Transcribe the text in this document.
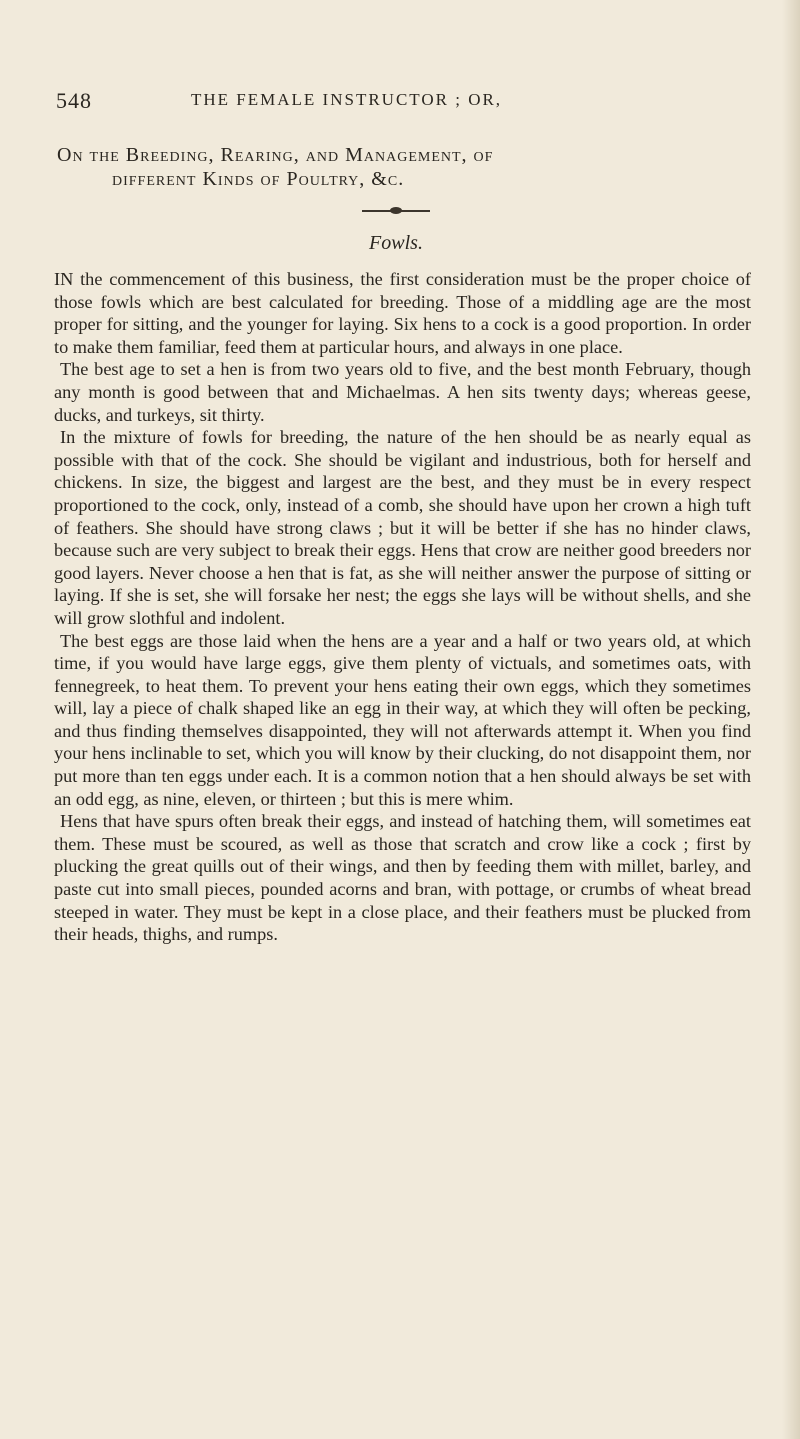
548	THE FEMALE INSTRUCTOR ; OR,
On the Breeding, Rearing, and Management, of
different Kinds of Poultry, &c.
Fowls.

IN the commencement of this business, the first consideration must be the proper choice of those fowls which are best calculated for breeding. Those of a middling age are the most proper for sitting, and the younger for laying. Six hens to a cock is a good proportion. In order to make them familiar, feed them at particular hours, and always in one place.

The best age to set a hen is from two years old to five, and the best month February, though any month is good between that and Michaelmas. A hen sits twenty days; whereas geese, ducks, and turkeys, sit thirty.

In the mixture of fowls for breeding, the nature of the hen should be as nearly equal as possible with that of the cock. She should be vigilant and industrious, both for herself and chickens. In size, the biggest and largest are the best, and they must be in every respect proportioned to the cock, only, instead of a comb, she should have upon her crown a high tuft of feathers. She should have strong claws ; but it will be better if she has no hinder claws, because such are very subject to break their eggs. Hens that crow are neither good breeders nor good layers. Never choose a hen that is fat, as she will neither answer the purpose of sitting or laying. If she is set, she will forsake her nest; the eggs she lays will be without shells, and she will grow slothful and indolent.

The best eggs are those laid when the hens are a year and a half or two years old, at which time, if you would have large eggs, give them plenty of victuals, and sometimes oats, with fennegreek, to heat them. To prevent your hens eating their own eggs, which they sometimes will, lay a piece of chalk shaped like an egg in their way, at which they will often be pecking, and thus finding themselves disappointed, they will not afterwards attempt it. When you find your hens inclinable to set, which you will know by their clucking, do not disappoint them, nor put more than ten eggs under each. It is a common notion that a hen should always be set with an odd egg, as nine, eleven, or thirteen ; but this is mere whim.

Hens that have spurs often break their eggs, and instead of hatching them, will sometimes eat them. These must be scoured, as well as those that scratch and crow like a cock ; first by plucking the great quills out of their wings, and then by feeding them with millet, barley, and paste cut into small pieces, pounded acorns and bran, with pottage, or crumbs of wheat bread steeped in water. They must be kept in a close place, and their feathers must be plucked from their heads, thighs, and rumps.
